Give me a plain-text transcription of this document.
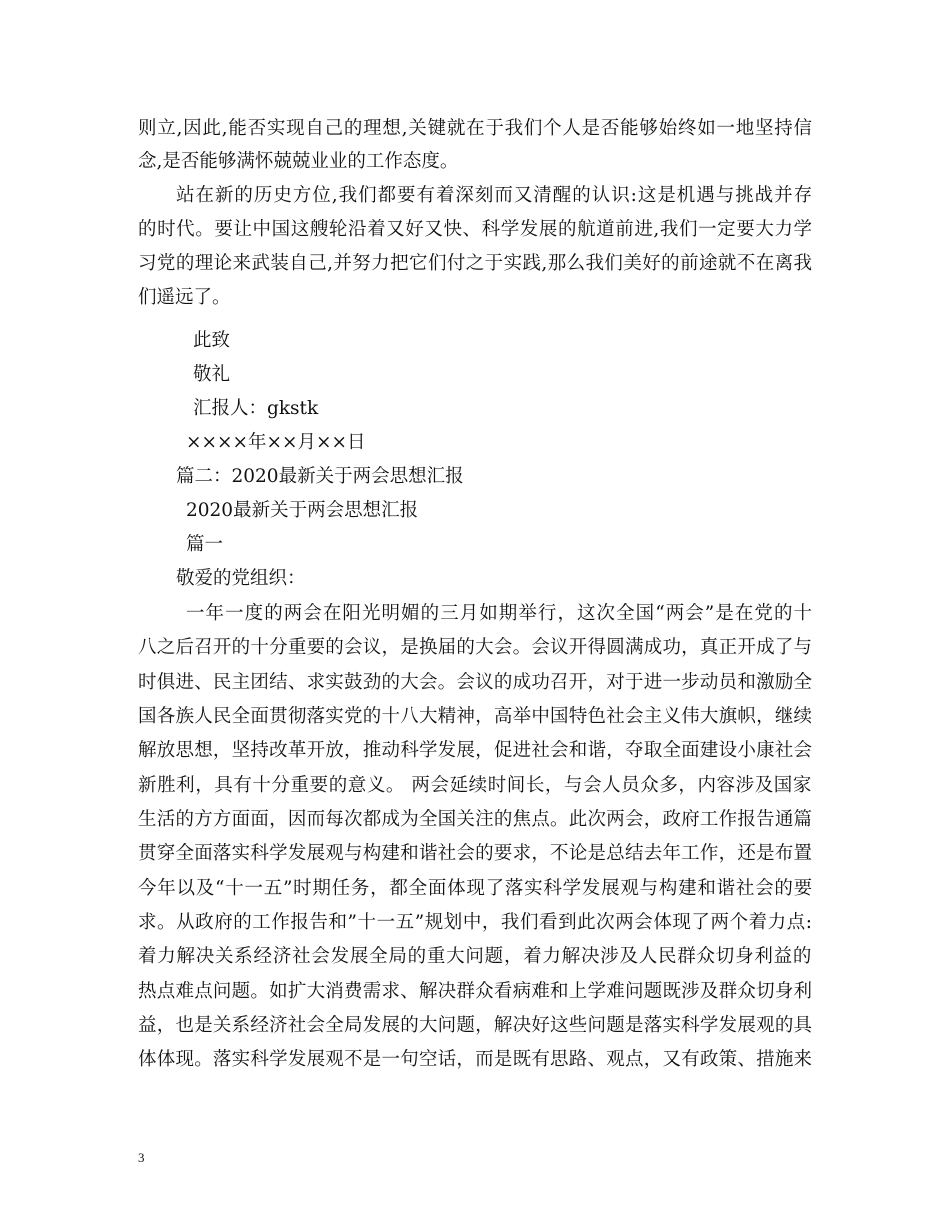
则立,因此,能否实现自己的理想,关键就在于我们个人是否能够始终如一地坚持信
念,是否能够满怀兢兢业业的工作态度。
站在新的历史方位,我们都要有着深刻而又清醒的认识:这是机遇与挑战并存
的时代。要让中国这艘轮沿着又好又快、科学发展的航道前进,我们一定要大力学
习党的理论来武装自己,并努力把它们付之于实践,那么我们美好的前途就不在离我
们遥远了。
此致
敬礼
汇报人：gkstk
××××年××月××日
篇二：2020最新关于两会思想汇报
2020最新关于两会思想汇报
篇一
敬爱的党组织：
一年一度的两会在阳光明媚的三月如期举行，这次全国“两会”是在党的十
八之后召开的十分重要的会议，是换届的大会。会议开得圆满成功，真正开成了与
时俱进、民主团结、求实鼓劲的大会。会议的成功召开，对于进一步动员和激励全
国各族人民全面贯彻落实党的十八大精神，高举中国特色社会主义伟大旗帜，继续
解放思想，坚持改革开放，推动科学发展，促进社会和谐，夺取全面建设小康社会
新胜利，具有十分重要的意义。 两会延续时间长，与会人员众多，内容涉及国家
生活的方方面面，因而每次都成为全国关注的焦点。此次两会，政府工作报告通篇
贯穿全面落实科学发展观与构建和谐社会的要求，不论是总结去年工作，还是布置
今年以及“十一五”时期任务，都全面体现了落实科学发展观与构建和谐社会的要
求。从政府的工作报告和”十一五”规划中，我们看到此次两会体现了两个着力点:
着力解决关系经济社会发展全局的重大问题，着力解决涉及人民群众切身利益的
热点难点问题。如扩大消费需求、解决群众看病难和上学难问题既涉及群众切身利
益，也是关系经济社会全局发展的大问题，解决好这些问题是落实科学发展观的具
体体现。落实科学发展观不是一句空话，而是既有思路、观点，又有政策、措施来
3
